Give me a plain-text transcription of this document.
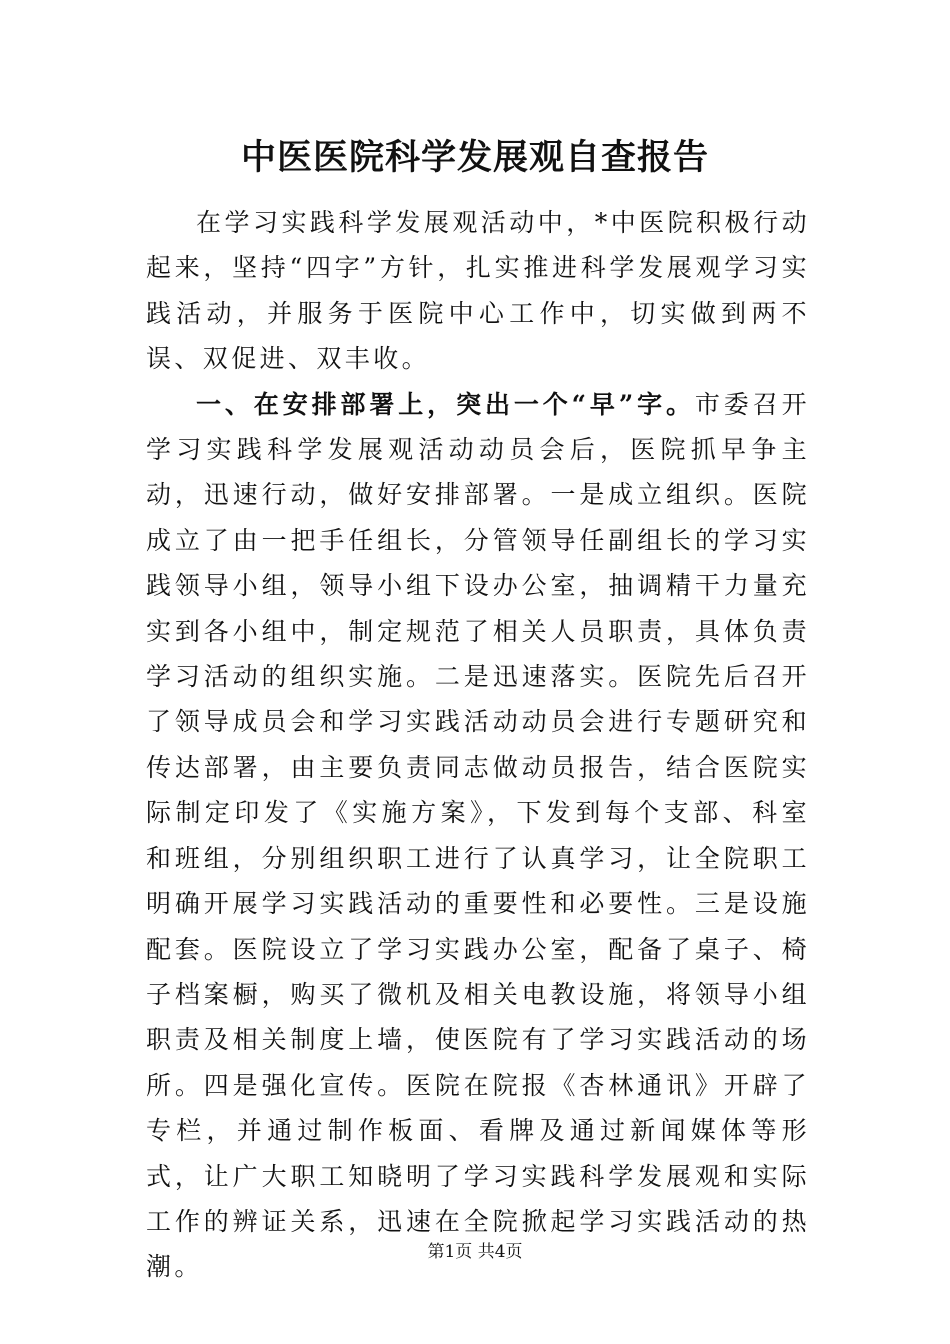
中医医院科学发展观自查报告

在学习实践科学发展观活动中，*中医院积极行动起来，坚持“四字”方针，扎实推进科学发展观学习实践活动，并服务于医院中心工作中，切实做到两不误、双促进、双丰收。

一、在安排部署上，突出一个“早”字。市委召开学习实践科学发展观活动动员会后，医院抓早争主动，迅速行动，做好安排部署。一是成立组织。医院成立了由一把手任组长，分管领导任副组长的学习实践领导小组，领导小组下设办公室，抽调精干力量充实到各小组中，制定规范了相关人员职责，具体负责学习活动的组织实施。二是迅速落实。医院先后召开了领导成员会和学习实践活动动员会进行专题研究和传达部署，由主要负责同志做动员报告，结合医院实际制定印发了《实施方案》，下发到每个支部、科室和班组，分别组织职工进行了认真学习，让全院职工明确开展学习实践活动的重要性和必要性。三是设施配套。医院设立了学习实践办公室，配备了桌子、椅子档案橱，购买了微机及相关电教设施，将领导小组职责及相关制度上墙，使医院有了学习实践活动的场所。四是强化宣传。医院在院报《杏林通讯》开辟了专栏，并通过制作板面、看牌及通过新闻媒体等形式，让广大职工知晓明了学习实践科学发展观和实际工作的辨证关系，迅速在全院掀起学习实践活动的热潮。

第1页 共4页
